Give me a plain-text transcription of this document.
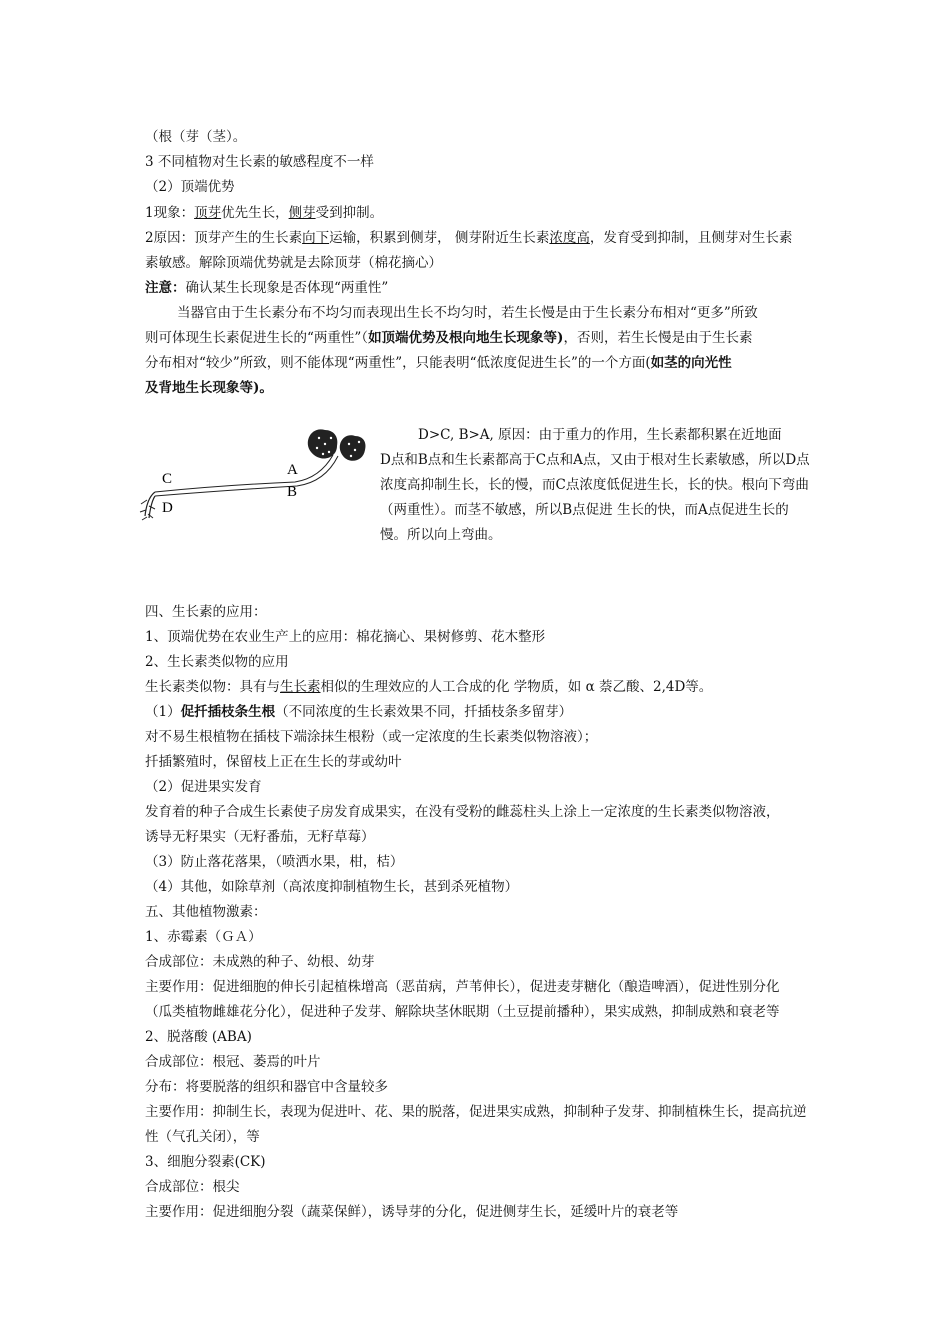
（根（芽（茎）。
3 不同植物对生长素的敏感程度不一样
（2）顶端优势
1现象：顶芽优先生长，侧芽受到抑制。
2原因：顶芽产生的生长素向下运输，积累到侧芽， 侧芽附近生长素浓度高，发育受到抑制，且侧芽对生长素
素敏感。解除顶端优势就是去除顶芽（棉花摘心）
注意：确认某生长现象是否体现“两重性”
当器官由于生长素分布不均匀而表现出生长不均匀时，若生长慢是由于生长素分布相对“更多”所致
则可体现生长素促进生长的“两重性”（如顶端优势及根向地生长现象等)，否则，若生长慢是由于生长素
分布相对“较少”所致，则不能体现“两重性”，只能表明“低浓度促进生长”的一个方面(如茎的向光性
及背地生长现象等)。
A
B
C
D
D>C, B>A, 原因：由于重力的作用，生长素都积累在近地面
D点和B点和生长素都高于C点和A点，又由于根对生长素敏感，所以D点浓度高抑制生长，长的慢，而C点浓度低促进生长，长的快。根向下弯曲（两重性）。而茎不敏感，所以B点促进 生长的快，而A点促进生长的慢。所以向上弯曲。
四、生长素的应用：
1、顶端优势在农业生产上的应用：棉花摘心、果树修剪、花木整形
2、生长素类似物的应用
生长素类似物：具有与生长素相似的生理效应的人工合成的化 学物质，如 α 萘乙酸、2,4D等。
（1）促扦插枝条生根（不同浓度的生长素效果不同，扦插枝条多留芽）
对不易生根植物在插枝下端涂抹生根粉（或一定浓度的生长素类似物溶液）；
扦插繁殖时，保留枝上正在生长的芽或幼叶
（2）促进果实发育
发育着的种子合成生长素使子房发育成果实，在没有受粉的雌蕊柱头上涂上一定浓度的生长素类似物溶液，
诱导无籽果实（无籽番茄，无籽草莓）
（3）防止落花落果，（喷洒水果，柑，桔）
（4）其他，如除草剂（高浓度抑制植物生长，甚到杀死植物）
五、其他植物激素：
1、赤霉素（ＧＡ）
合成部位：未成熟的种子、幼根、幼芽
主要作用：促进细胞的伸长引起植株增高（恶苗病，芦苇伸长），促进麦芽糖化（酿造啤酒），促进性别分化
（瓜类植物雌雄花分化），促进种子发芽、解除块茎休眠期（土豆提前播种），果实成熟，抑制成熟和衰老等
2、脱落酸 (ABA)
合成部位：根冠、萎焉的叶片
分布：将要脱落的组织和器官中含量较多
主要作用：抑制生长，表现为促进叶、花、果的脱落，促进果实成熟，抑制种子发芽、抑制植株生长，提高抗逆
性（气孔关闭），等
3、细胞分裂素(CK)
合成部位：根尖
主要作用：促进细胞分裂（蔬菜保鲜），诱导芽的分化，促进侧芽生长，延缓叶片的衰老等
